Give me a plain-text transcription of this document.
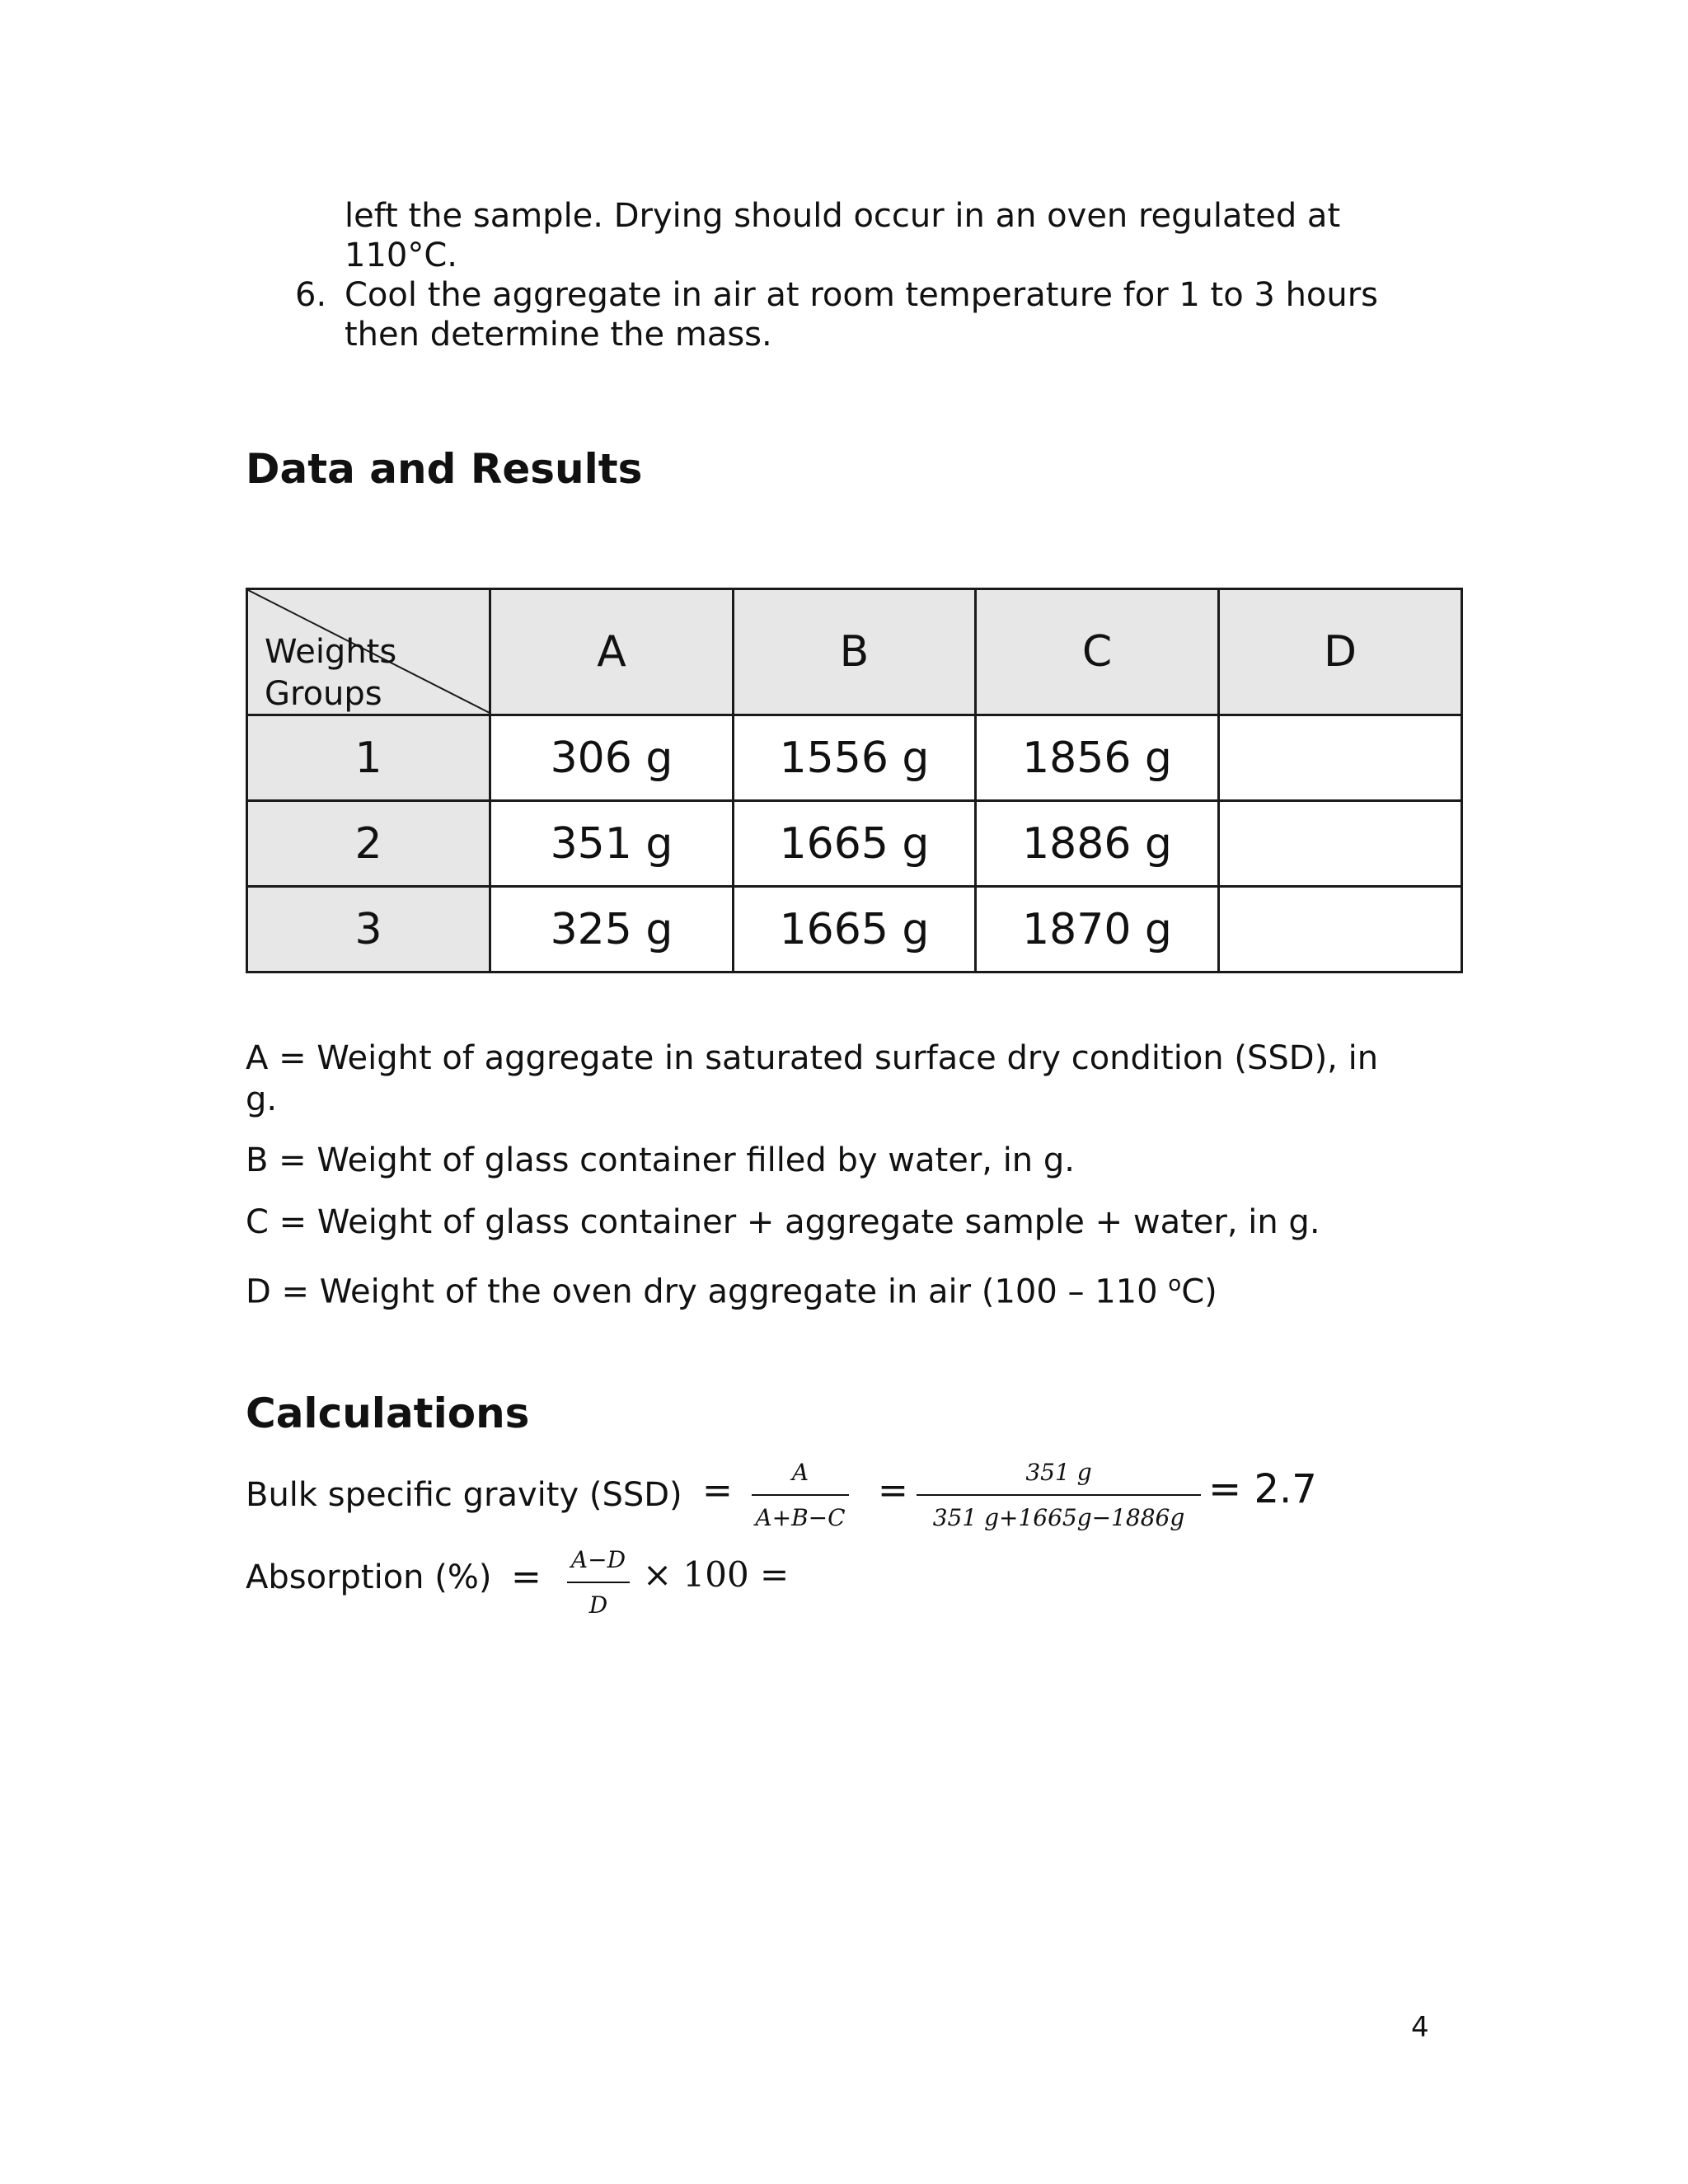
left the sample. Drying should occur in an oven regulated at
110°C.
6. Cool the aggregate in air at room temperature for 1 to 3 hours
then determine the mass.
Data and Results
Weights
Groups	A	B	C	D
1	306 g	1556 g	1856 g	
2	351 g	1665 g	1886 g	
3	325 g	1665 g	1870 g	
A = Weight of aggregate in saturated surface dry condition (SSD), in
g.
B = Weight of glass container filled by water, in g.
C = Weight of glass container + aggregate sample + water, in g.
D = Weight of the oven dry aggregate in air (100 – 110 $^o$C)
Calculations
Bulk specific gravity (SSD) =	A
A+B−C
=	351 g
351 g+1665g−1886g
= 2.7
Absorption (%) = A−D
D
× 100 =
4
